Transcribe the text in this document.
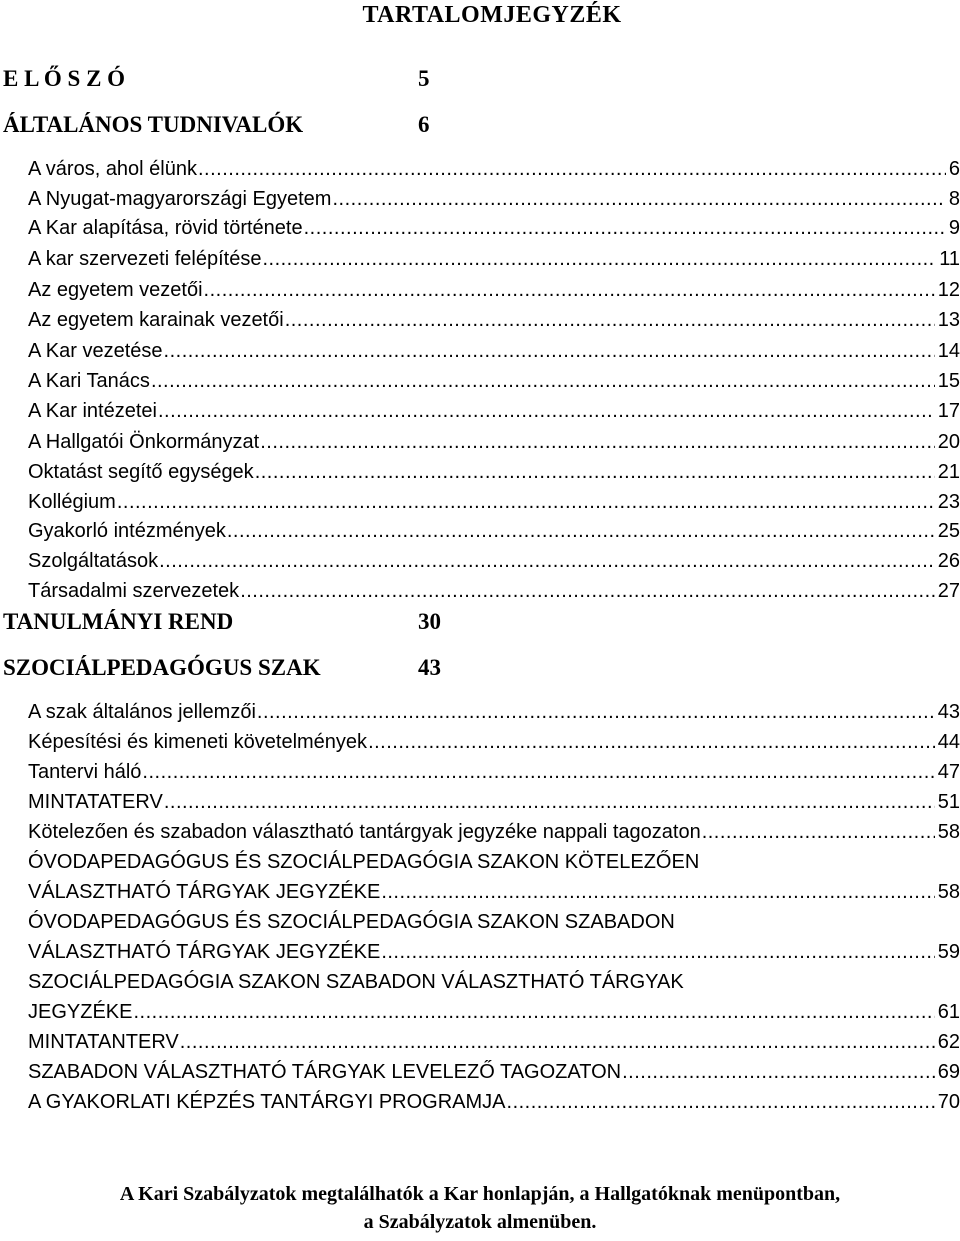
TARTALOMJEGYZÉK
E L Ő S Z Ó	5
ÁLTALÁNOS TUDNIVALÓK	6
A város, ahol élünk .....	6
A Nyugat-magyarországi Egyetem .....	8
A Kar alapítása, rövid története .....	9
A kar szervezeti felépítése .....	11
Az egyetem vezetői .....	12
Az egyetem karainak vezetői .....	13
A Kar vezetése .....	14
A Kari Tanács .....	15
A Kar intézetei .....	17
A Hallgatói Önkormányzat .....	20
Oktatást segítő egységek .....	21
Kollégium .....	23
Gyakorló intézmények .....	25
Szolgáltatások .....	26
Társadalmi szervezetek .....	27
TANULMÁNYI REND	30
SZOCIÁLPEDAGÓGUS SZAK	43
A szak általános jellemzői .....	43
Képesítési és kimeneti követelmények .....	44
Tantervi háló .....	47
MINTATATERV .....	51
Kötelezően és szabadon választható tantárgyak jegyzéke nappali tagozaton .....	58
ÓVODAPEDAGÓGUS ÉS SZOCIÁLPEDAGÓGIA SZAKON KÖTELEZŐEN
VÁLASZTHATÓ TÁRGYAK JEGYZÉKE .....	58
ÓVODAPEDAGÓGUS ÉS SZOCIÁLPEDAGÓGIA SZAKON SZABADON
VÁLASZTHATÓ TÁRGYAK JEGYZÉKE .....	59
SZOCIÁLPEDAGÓGIA SZAKON SZABADON VÁLASZTHATÓ TÁRGYAK
JEGYZÉKE .....	61
MINTATANTERV .....	62
SZABADON VÁLASZTHATÓ TÁRGYAK LEVELEZŐ TAGOZATON .....	69
A GYAKORLATI KÉPZÉS TANTÁRGYI PROGRAMJA .....	70
A Kari Szabályzatok megtalálhatók a Kar honlapján, a Hallgatóknak menüpontban,
a Szabályzatok almenüben.
